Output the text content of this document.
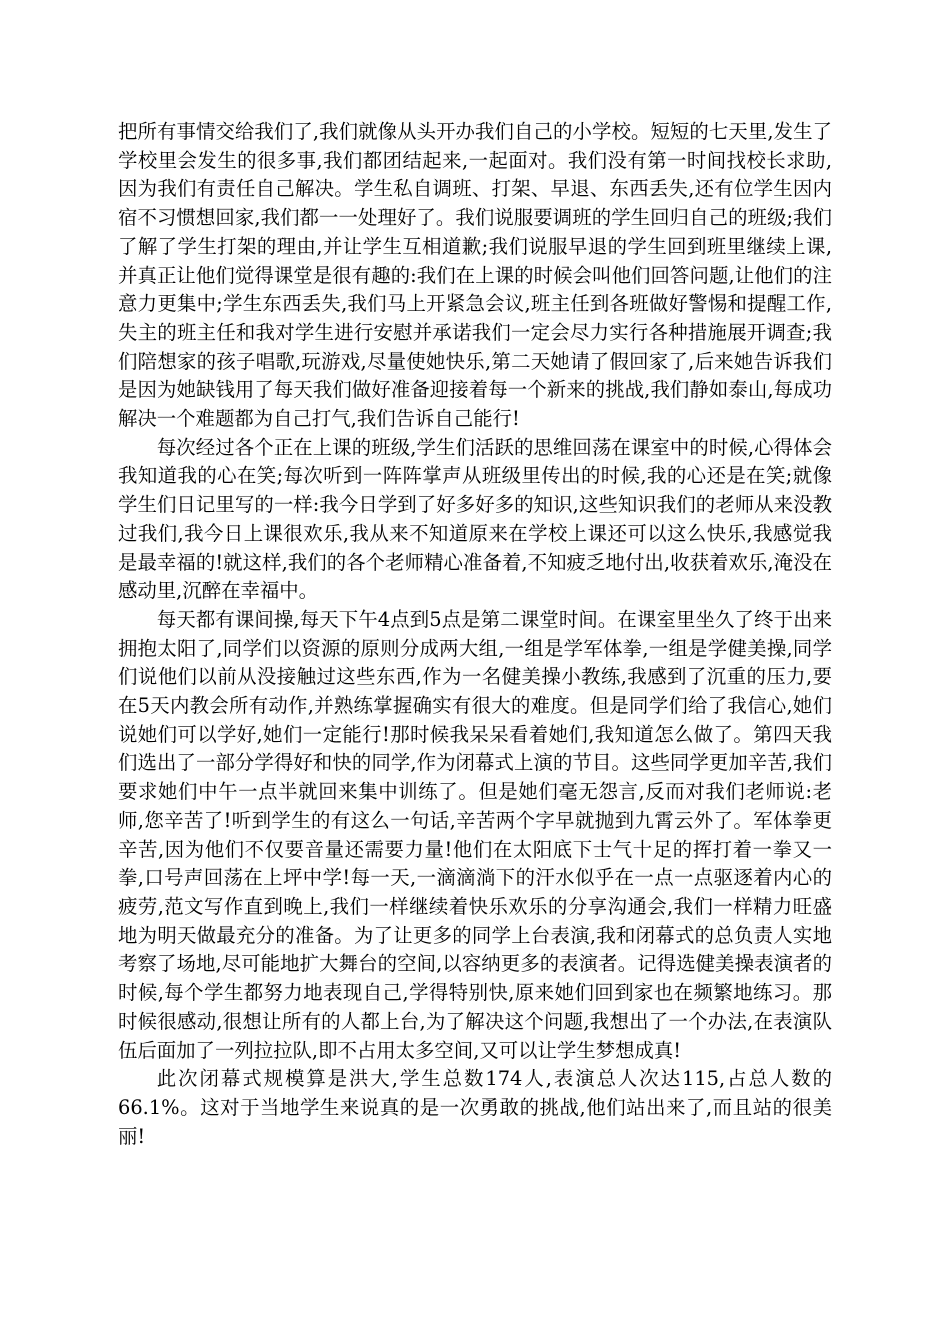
把所有事情交给我们了,我们就像从头开办我们自己的小学校。短短的七天里,发生了学校里会发生的很多事,我们都团结起来,一起面对。我们没有第一时间找校长求助,因为我们有责任自己解决。学生私自调班、打架、早退、东西丢失,还有位学生因内宿不习惯想回家,我们都一一处理好了。我们说服要调班的学生回归自己的班级;我们了解了学生打架的理由,并让学生互相道歉;我们说服早退的学生回到班里继续上课,并真正让他们觉得课堂是很有趣的:我们在上课的时候会叫他们回答问题,让他们的注意力更集中;学生东西丢失,我们马上开紧急会议,班主任到各班做好警惕和提醒工作,失主的班主任和我对学生进行安慰并承诺我们一定会尽力实行各种措施展开调查;我们陪想家的孩子唱歌,玩游戏,尽量使她快乐,第二天她请了假回家了,后来她告诉我们是因为她缺钱用了每天我们做好准备迎接着每一个新来的挑战,我们静如泰山,每成功解决一个难题都为自己打气,我们告诉自己能行!

每次经过各个正在上课的班级,学生们活跃的思维回荡在课室中的时候,心得体会我知道我的心在笑;每次听到一阵阵掌声从班级里传出的时候,我的心还是在笑;就像学生们日记里写的一样:我今日学到了好多好多的知识,这些知识我们的老师从来没教过我们,我今日上课很欢乐,我从来不知道原来在学校上课还可以这么快乐,我感觉我是最幸福的!就这样,我们的各个老师精心准备着,不知疲乏地付出,收获着欢乐,淹没在感动里,沉醉在幸福中。

每天都有课间操,每天下午4点到5点是第二课堂时间。在课室里坐久了终于出来拥抱太阳了,同学们以资源的原则分成两大组,一组是学军体拳,一组是学健美操,同学们说他们以前从没接触过这些东西,作为一名健美操小教练,我感到了沉重的压力,要在5天内教会所有动作,并熟练掌握确实有很大的难度。但是同学们给了我信心,她们说她们可以学好,她们一定能行!那时候我呆呆看着她们,我知道怎么做了。第四天我们选出了一部分学得好和快的同学,作为闭幕式上演的节目。这些同学更加辛苦,我们要求她们中午一点半就回来集中训练了。但是她们毫无怨言,反而对我们老师说:老师,您辛苦了!听到学生的有这么一句话,辛苦两个字早就抛到九霄云外了。军体拳更辛苦,因为他们不仅要音量还需要力量!他们在太阳底下士气十足的挥打着一拳又一拳,口号声回荡在上坪中学!每一天,一滴滴淌下的汗水似乎在一点一点驱逐着内心的疲劳,范文写作直到晚上,我们一样继续着快乐欢乐的分享沟通会,我们一样精力旺盛地为明天做最充分的准备。为了让更多的同学上台表演,我和闭幕式的总负责人实地考察了场地,尽可能地扩大舞台的空间,以容纳更多的表演者。记得选健美操表演者的时候,每个学生都努力地表现自己,学得特别快,原来她们回到家也在频繁地练习。那时候很感动,很想让所有的人都上台,为了解决这个问题,我想出了一个办法,在表演队伍后面加了一列拉拉队,即不占用太多空间,又可以让学生梦想成真!

此次闭幕式规模算是洪大,学生总数174人,表演总人次达115,占总人数的66.1%。这对于当地学生来说真的是一次勇敢的挑战,他们站出来了,而且站的很美丽!
